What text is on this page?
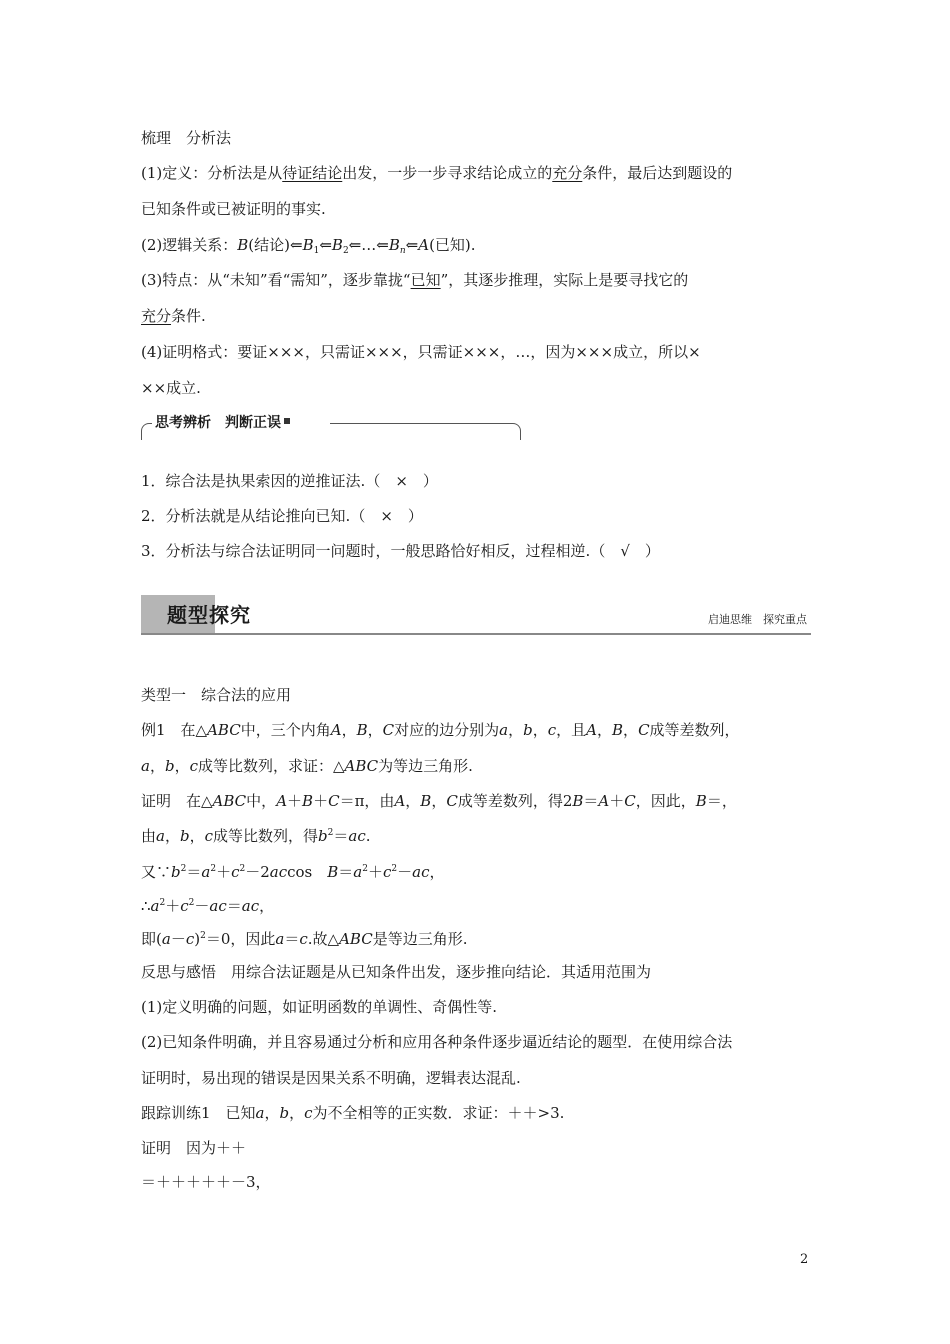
梳理　分析法
(1)定义：分析法是从待证结论出发，一步一步寻求结论成立的充分条件，最后达到题设的
已知条件或已被证明的事实.
(2)逻辑关系：B(结论)$⇐B_1⇐B_2⇐\dots⇐B_n⇐A$(已知).
(3)特点：从“未知”看“需知”，逐步靠拢“已知”，其逐步推理，实际上是要寻找它的
充分条件.
(4)证明格式：要证×××，只需证×××，只需证×××，…，因为×××成立，所以×
××成立.
思考辨析　 判断正误
1．综合法是执果索因的逆推证法.（　×　）
2．分析法就是从结论推向已知.（　×　）
3．分析法与综合法证明同一问题时，一般思路恰好相反，过程相逆.（　√　）
题型探究	启迪思维　探究重点
类型一　综合法的应用
例1　在△ABC中，三个内角A，B，C对应的边分别为a，b，c，且A，B，C成等差数列，
a，b，c成等比数列，求证：△ABC为等边三角形.
证明　在△ABC中，A＋B＋C＝π，由A，B，C成等差数列，得2B＝A＋C，因此，B＝，
由a，b，c成等比数列，得$b^2=ac$.
又$\because b^2=a^2+c^2-2accos$　$B=a^2+c^2-ac$，
$\therefore a^2+c^2-ac=ac$，
即$(a-c)^2=0$，因此a＝c.故△ABC是等边三角形.
反思与感悟　用综合法证题是从已知条件出发，逐步推向结论．其适用范围为
(1)定义明确的问题，如证明函数的单调性、奇偶性等.
(2)已知条件明确，并且容易通过分析和应用各种条件逐步逼近结论的题型．在使用综合法
证明时，易出现的错误是因果关系不明确，逻辑表达混乱.
跟踪训练1　已知a，b，c为不全相等的正实数．求证：＋＋>3.
证明　因为＋＋
＝＋＋＋＋＋－3，
2
